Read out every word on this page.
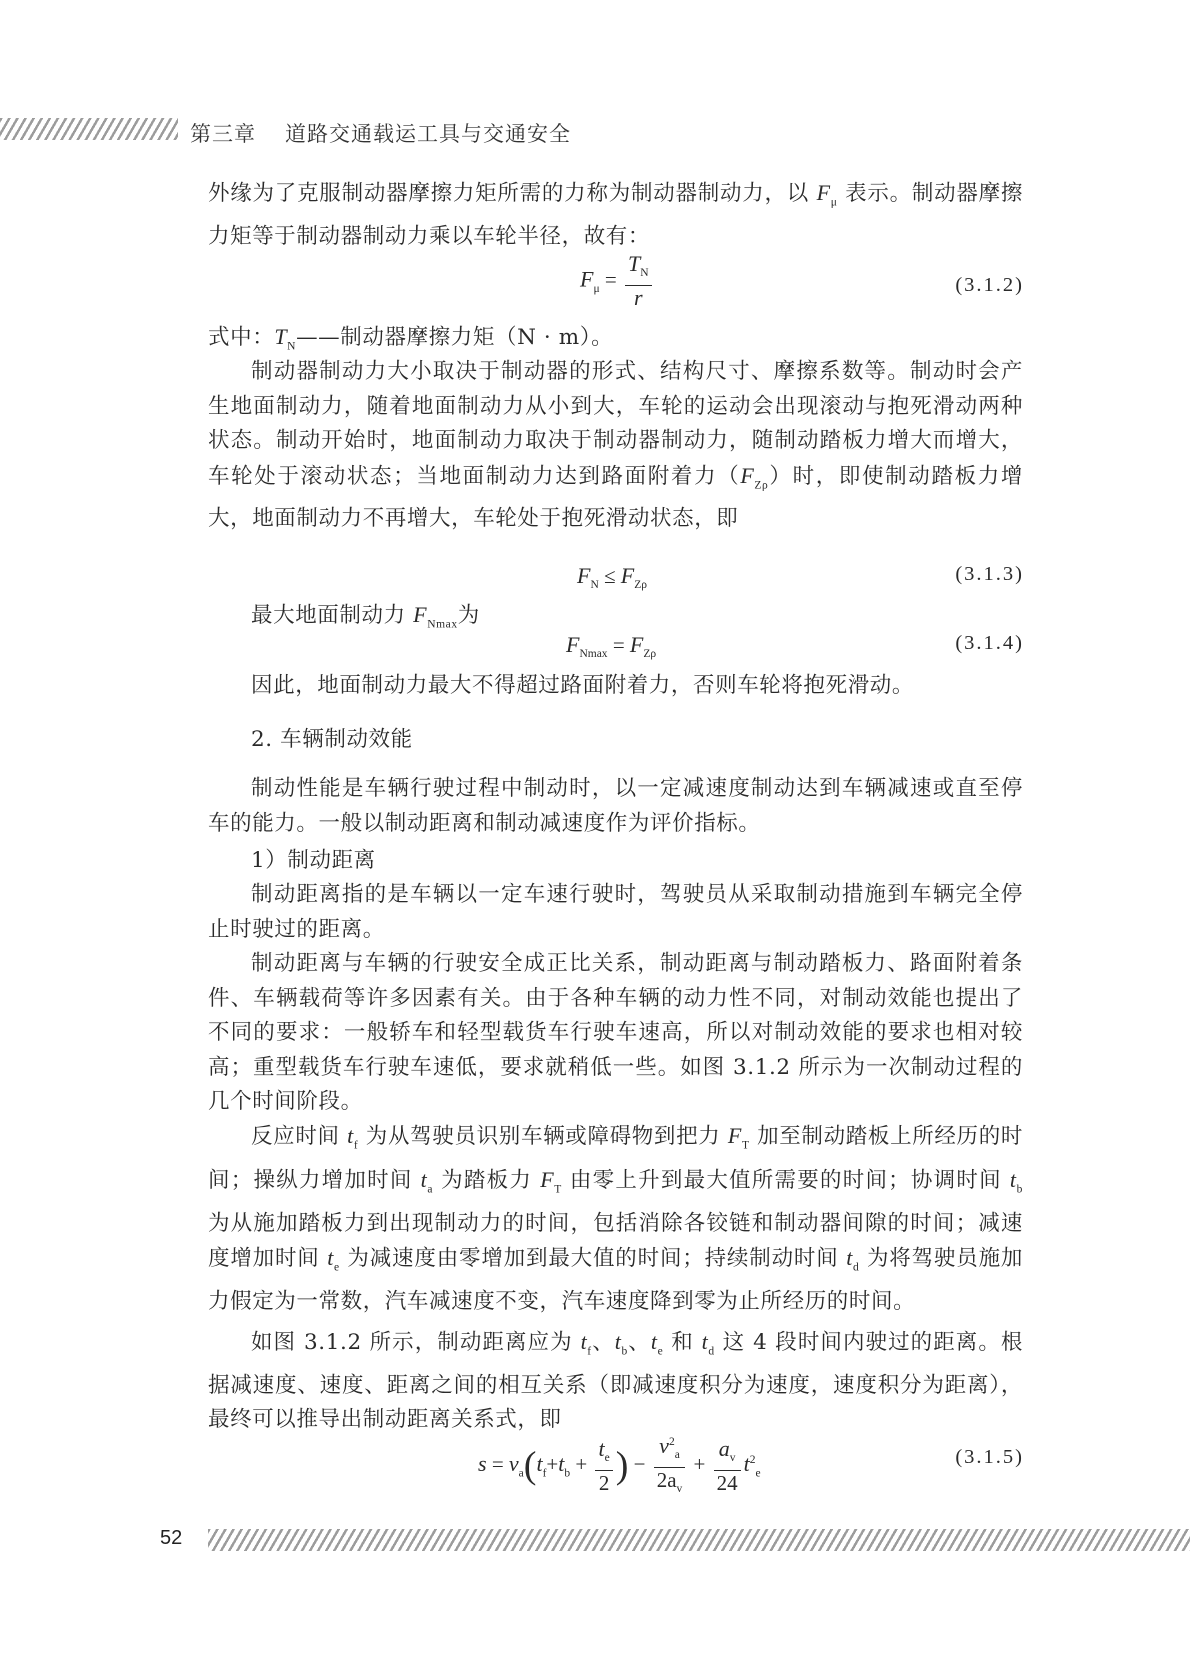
第三章 道路交通载运工具与交通安全
外缘为了克服制动器摩擦力矩所需的力称为制动器制动力，以 $F_\mu$ 表示。制动器摩擦力矩等于制动器制动力乘以车轮半径，故有：
$F_\mu = \frac{T_N}{r}$	(3.1.2)
式中：$T_N——$制动器摩擦力矩（N · m）。
制动器制动力大小取决于制动器的形式、结构尺寸、摩擦系数等。制动时会产生地面制动力，随着地面制动力从小到大，车轮的运动会出现滚动与抱死滑动两种状态。制动开始时，地面制动力取决于制动器制动力，随制动踏板力增大而增大，车轮处于滚动状态；当地面制动力达到路面附着力$(F_{Z\rho})$时，即使制动踏板力增大，地面制动力不再增大，车轮处于抱死滑动状态，即
$F_N \le F_{Z\rho}$
(3.1.3)
最大地面制动力 $F_{Nmax}$为
$F_{Nmax} = F_{Z\rho}$
(3.1.4)
因此，地面制动力最大不得超过路面附着力，否则车轮将抱死滑动。
2. 车辆制动效能
制动性能是车辆行驶过程中制动时，以一定减速度制动达到车辆减速或直至停车的能力。一般以制动距离和制动减速度作为评价指标。
1）制动距离
制动距离指的是车辆以一定车速行驶时，驾驶员从采取制动措施到车辆完全停止时驶过的距离。
制动距离与车辆的行驶安全成正比关系，制动距离与制动踏板力、路面附着条件、车辆载荷等许多因素有关。由于各种车辆的动力性不同，对制动效能也提出了不同的要求：一般轿车和轻型载货车行驶车速高，所以对制动效能的要求也相对较高；重型载货车行驶车速低，要求就稍低一些。如图 3.1.2 所示为一次制动过程的几个时间阶段。
反应时间 $t_f$ 为从驾驶员识别车辆或障碍物到把力 $F_T$ 加至制动踏板上所经历的时间；操纵力增加时间 $t_a$ 为踏板力 $F_T$ 由零上升到最大值所需要的时间；协调时间 $t_b$ 为从施加踏板力到出现制动力的时间，包括消除各铰链和制动器间隙的时间；减速度增加时间 $t_e$ 为减速度由零增加到最大值的时间；持续制动时间 $t_d$ 为将驾驶员施加力假定为一常数，汽车减速度不变，汽车速度降到零为止所经历的时间。
如图 3.1.2 所示，制动距离应为 $t_f$、$t_b$、$t_e$ 和 $t_d$ 这 4 段时间内驶过的距离。根据减速度、速度、距离之间的相互关系（即减速度积分为速度，速度积分为距离），最终可以推导出制动距离关系式，即
$s = v_a(t_f+t_b + \frac{t_e}{2}$ ) − $\frac{v^2_a}{2a_v} + \frac{a_v}{24} t^2_e$
(3.1.5)
52
